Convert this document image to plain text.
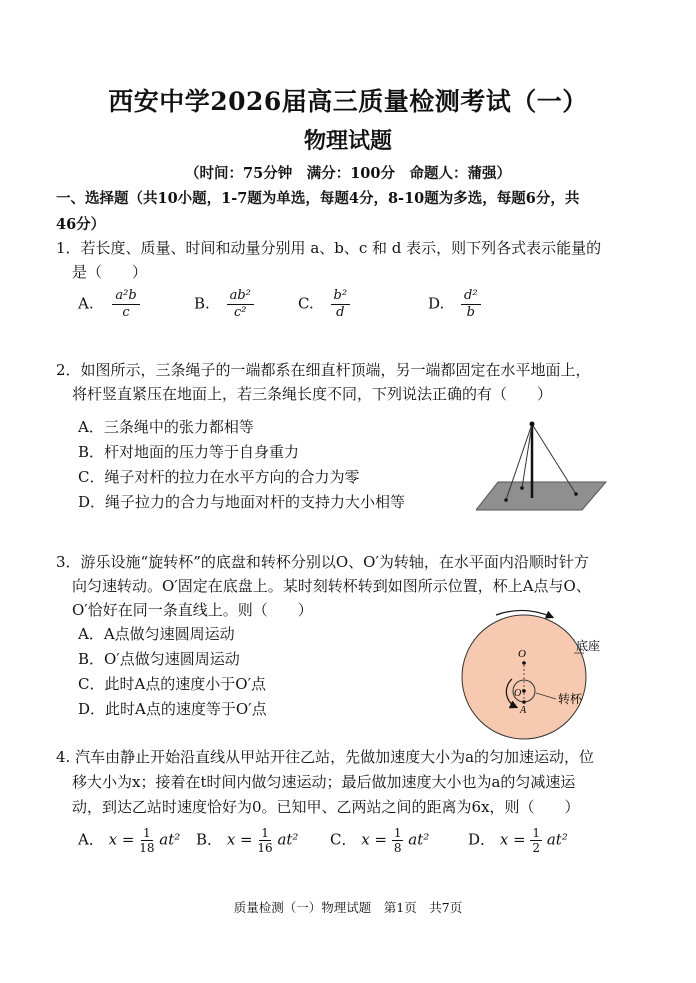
西安中学2026届高三质量检测考试（一）
物理试题
（时间：75分钟　满分：100分　命题人：蒲强）
一、选择题（共10小题，1-7题为单选，每题4分，8-10题为多选，每题6分，共
46分）
1．若长度、质量、时间和动量分别用 a、b、c 和 d 表示，则下列各式表示能量的
是（　　）
A. $\frac{\text{a²b}}{c}$	B. $\frac{\text{ab²}}{\text{c²}}$	C. $\frac{\text{b²}}{d}$	D. $\frac{\text{d²}}{b}$
2．如图所示，三条绳子的一端都系在细直杆顶端，另一端都固定在水平地面上，
将杆竖直紧压在地面上，若三条绳长度不同，下列说法正确的有（　　）
A．三条绳中的张力都相等
B．杆对地面的压力等于自身重力
C．绳子对杆的拉力在水平方向的合力为零
D．绳子拉力的合力与地面对杆的支持力大小相等
3．游乐设施“旋转杯”的底盘和转杯分别以O、O′为转轴，在水平面内沿顺时针方
向匀速转动。O′固定在底盘上。某时刻转杯转到如图所示位置，杯上A点与O、
O′恰好在同一条直线上。则（　　）
A．A点做匀速圆周运动
B．O′点做匀速圆周运动
C．此时A点的速度小于O′点
D．此时A点的速度等于O′点
O
O′
A
底座
转杯
4. 汽车由静止开始沿直线从甲站开往乙站，先做加速度大小为a的匀加速运动，位
移大小为x；接着在t时间内做匀速运动；最后做加速度大小也为a的匀减速运
动，到达乙站时速度恰好为0。已知甲、乙两站之间的距离为6x，则（　　）
A． $x = \frac{1}{18} at^2$ B． $x = \frac{1}{16} at^2$ C． $x = \frac{1}{8} at^2$	D． $x = \frac{1}{2} at^2$
质量检测（一）物理试题　第1页　共7页
